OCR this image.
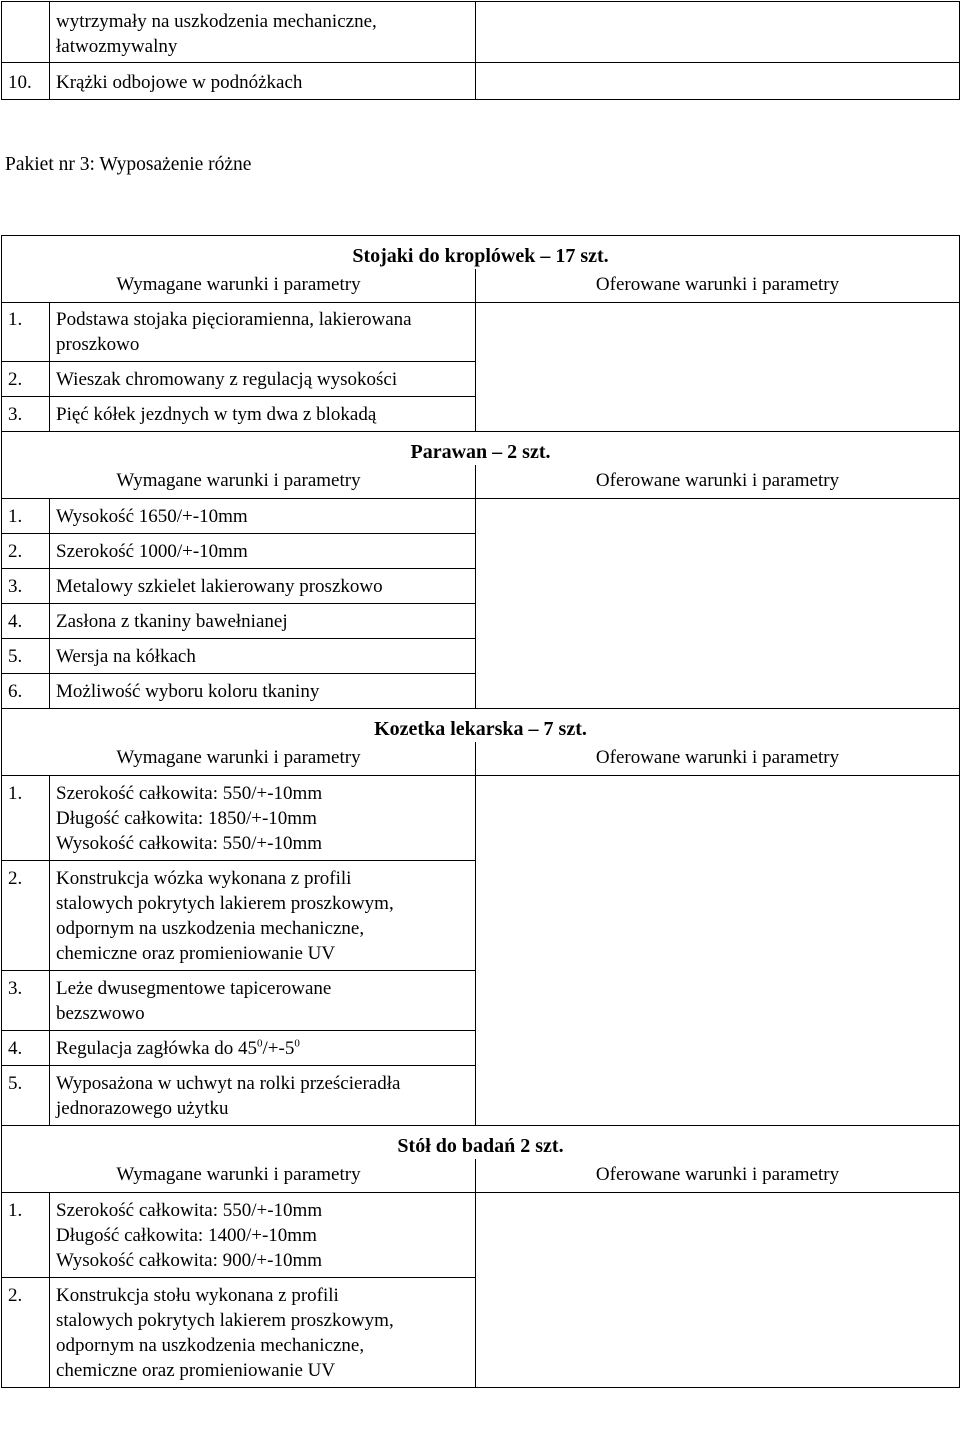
	wytrzymały na uszkodzenia mechaniczne,
łatwozmywalny	

10.	Krążki odbojowe w podnóżkach	

Pakiet nr 3: Wyposażenie różne
Stojaki do kroplówek – 17 szt.		
Wymagane warunki i parametry		Oferowane warunki i parametry
1.	Podstawa stojaka pięcioramienna, lakierowana
proszkowo	

2.	Wieszak chromowany z regulacją wysokości	

3.	Pięć kółek jezdnych w tym dwa z blokadą	

Parawan – 2 szt.		
Wymagane warunki i parametry		Oferowane warunki i parametry
1.	Wysokość 1650/+-10mm	

2.	Szerokość 1000/+-10mm	

3.	Metalowy szkielet lakierowany proszkowo	

4.	Zasłona z tkaniny bawełnianej	

5.	Wersja na kółkach	

6.	Możliwość wyboru koloru tkaniny	

Kozetka lekarska – 7 szt.		
Wymagane warunki i parametry		Oferowane warunki i parametry
1.	Szerokość całkowita: 550/+-10mm
Długość całkowita: 1850/+-10mm
Wysokość całkowita: 550/+-10mm	

2.	Konstrukcja wózka wykonana z profili
stalowych pokrytych lakierem proszkowym,
odpornym na uszkodzenia mechaniczne,
chemiczne oraz promieniowanie UV	

3.	Leże dwusegmentowe tapicerowane
bezszwowo	

4.	Regulacja zagłówka do $45^0/+-5^0$

5.	Wyposażona w uchwyt na rolki prześcieradła
jednorazowego użytku	

Stół do badań 2 szt.		
Wymagane warunki i parametry		Oferowane warunki i parametry
1.	Szerokość całkowita: 550/+-10mm
Długość całkowita: 1400/+-10mm
Wysokość całkowita: 900/+-10mm	

2.	Konstrukcja stołu wykonana z profili
stalowych pokrytych lakierem proszkowym,
odpornym na uszkodzenia mechaniczne,
chemiczne oraz promieniowanie UV	
